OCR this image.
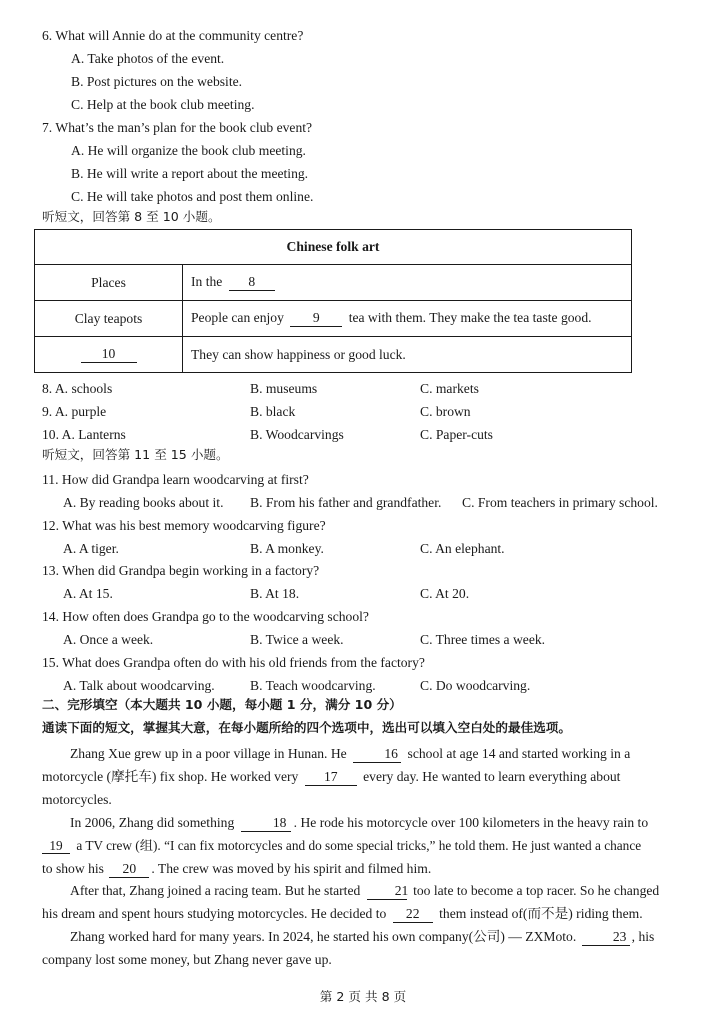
6. What will Annie do at the community centre?
A. Take photos of the event.
B. Post pictures on the website.
C. Help at the book club meeting.
7. What’s the man’s plan for the book club event?
A. He will organize the book club meeting.
B. He will write a report about the meeting.
C. He will take photos and post them online.
听短文，回答第 8 至 10 小题。
Chinese folk art	
Places	In the 8
Clay teapots	People can enjoy 9 tea with them. They make the tea taste good.
10	They can show happiness or good luck.
8. A. schools	B. museums	C. markets
9. A. purple	B. black	C. brown
10. A. Lanterns	B. Woodcarvings	C. Paper-cuts
听短文，回答第 11 至 15 小题。
11. How did Grandpa learn woodcarving at first?
A. By reading books about it. B. From his father and grandfather. C. From teachers in primary school.
12. What was his best memory woodcarving figure?
A. A tiger.	B. A monkey.	C. An elephant.
13. When did Grandpa begin working in a factory?
A. At 15.	B. At 18.	C. At 20.
14. How often does Grandpa go to the woodcarving school?
A. Once a week.	B. Twice a week.	C. Three times a week.
15. What does Grandpa often do with his old friends from the factory?
A. Talk about woodcarving.	B. Teach woodcarving.	C. Do woodcarving.
二、完形填空（本大题共 10 小题，每小题 1 分，满分 10 分）
通读下面的短文，掌握其大意，在每小题所给的四个选项中，选出可以填入空白处的最佳选项。
Zhang Xue grew up in a poor village in Hunan. He	16 school at age 14 and started working in a
motorcycle (摩托车) fix shop. He worked very 17 every day. He wanted to learn everything about
motorcycles.
In 2006, Zhang did something	18 . He rode his motorcycle over 100 kilometers in the heavy rain to
19 a TV crew (组). “I can fix motorcycles and do some special tricks,” he told them. He just wanted a chance
to show his 20 . The crew was moved by his spirit and filmed him.
After that, Zhang joined a racing team. But he started	21 too late to become a top racer. So he changed
his dream and spent hours studying motorcycles. He decided to 22 them instead of(而不是) riding them.
Zhang worked hard for many years. In 2024, he started his own company(公司) — ZXMoto.	23 , his
company lost some money, but Zhang never gave up.
第 2 页 共 8 页
